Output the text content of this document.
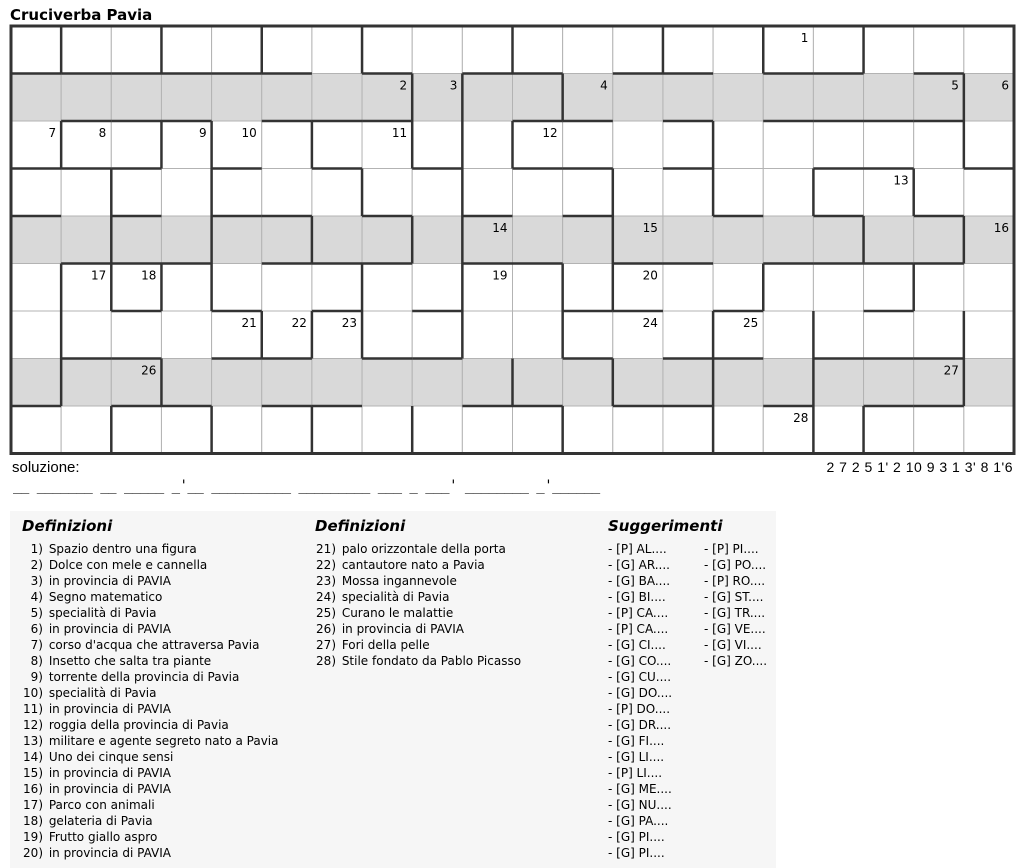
Cruciverba Pavia
1
2	3	4	5	6
7	8	9	10	11	12
13
14	15	16
17	18	19	20
21	22	23	24	25
26	27
28
soluzione:	2 7 2 5 1' 2 10 9 3 1 3' 8 1'6
__ _______ __ _____ _'__ __________ _________ ___ _ ___' ________ _'______
Definizioni
1) Spazio dentro una figura
2) Dolce con mele e cannella
3) in provincia di PAVIA
4) Segno matematico
5) specialità di Pavia
6) in provincia di PAVIA
7) corso d'acqua che attraversa Pavia
8) Insetto che salta tra piante
9) torrente della provincia di Pavia
10) specialità di Pavia
11) in provincia di PAVIA
12) roggia della provincia di Pavia
13) militare e agente segreto nato a Pavia
14) Uno dei cinque sensi
15) in provincia di PAVIA
16) in provincia di PAVIA
17) Parco con animali
18) gelateria di Pavia
19) Frutto giallo aspro
20) in provincia di PAVIA
Definizioni
21) palo orizzontale della porta
22) cantautore nato a Pavia
23) Mossa ingannevole
24) specialità di Pavia
25) Curano le malattie
26) in provincia di PAVIA
27) Fori della pelle
28) Stile fondato da Pablo Picasso
Suggerimenti
- [P] AL....
- [G] AR....
- [G] BA....
- [G] BI....
- [P] CA....
- [P] CA....
- [G] CI....
- [G] CO....
- [G] CU....
- [G] DO....
- [P] DO....
- [G] DR....
- [G] FI....
- [G] LI....
- [P] LI....
- [G] ME....
- [G] NU....
- [G] PA....
- [G] PI....
- [G] PI....
- [P] PI....
- [G] PO....
- [P] RO....
- [G] ST....
- [G] TR....
- [G] VE....
- [G] VI....
- [G] ZO....
